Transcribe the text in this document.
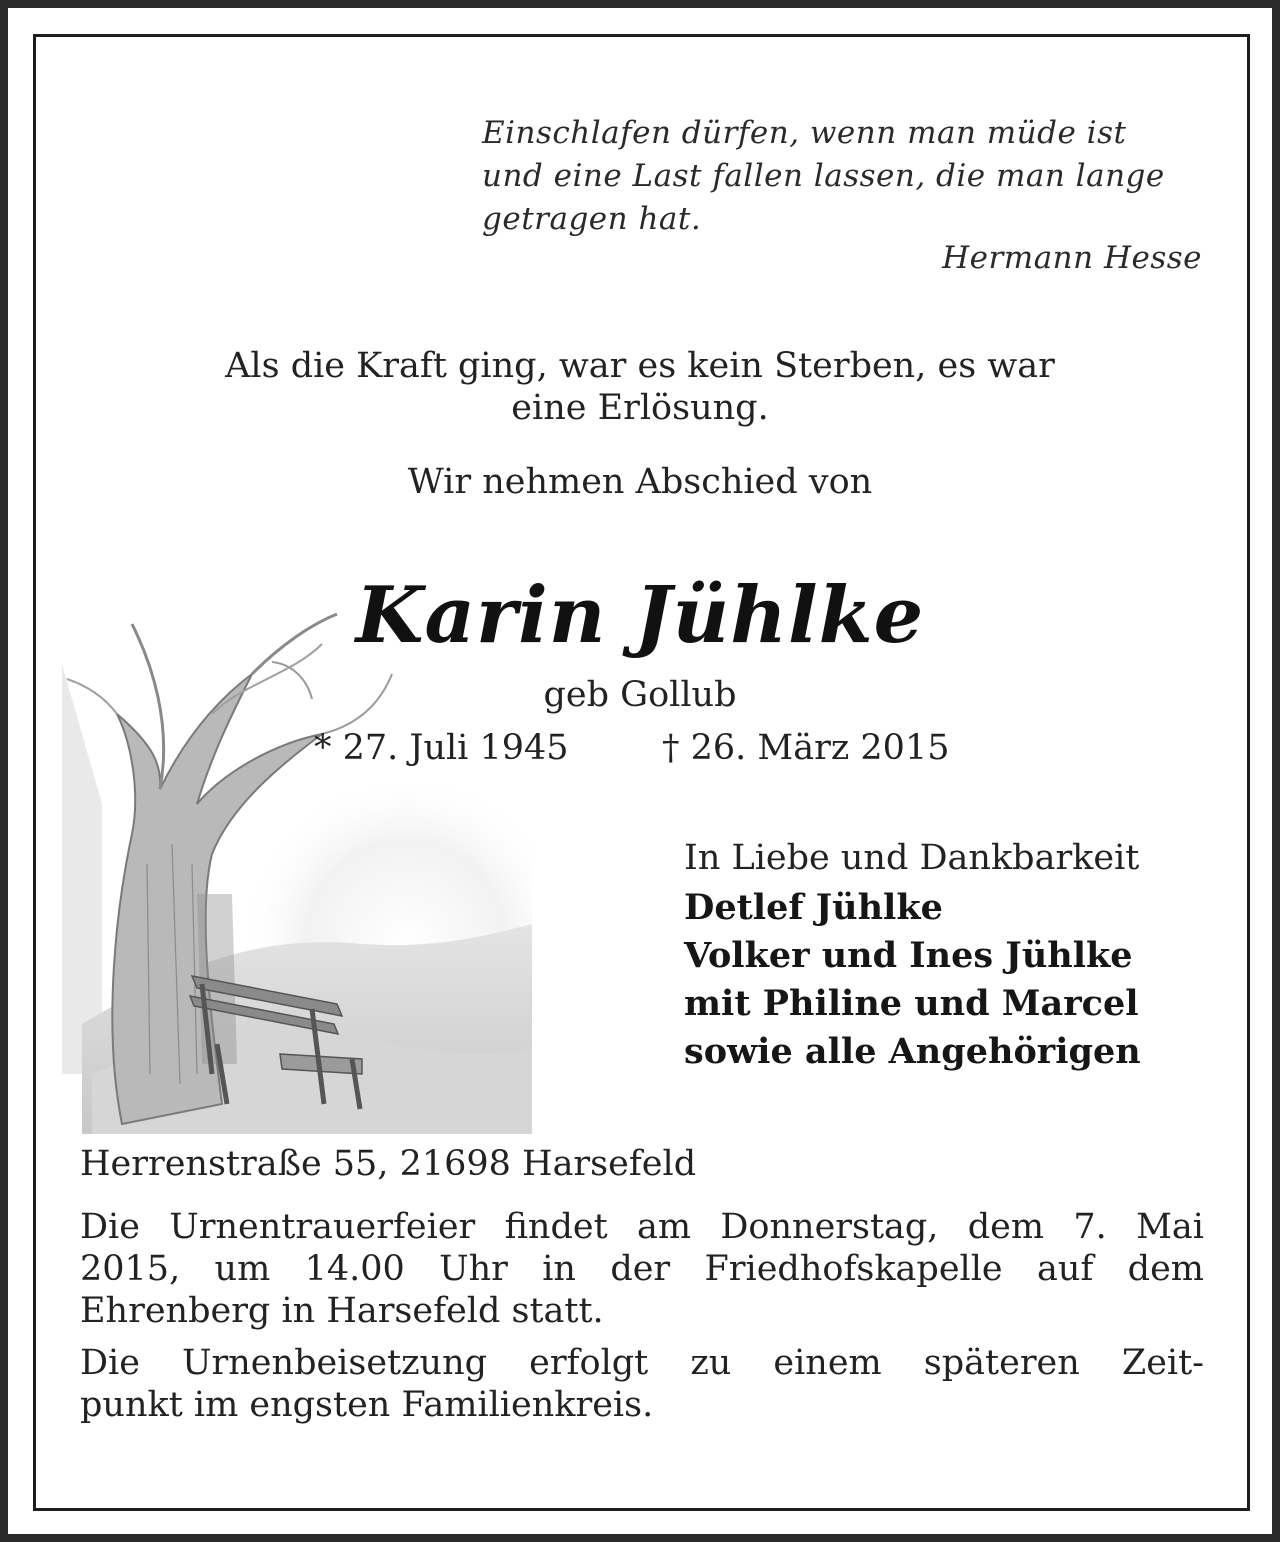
Einschlafen dürfen, wenn man müde ist
und eine Last fallen lassen, die man lange
getragen hat.
Hermann Hesse
Als die Kraft ging, war es kein Sterben, es war
eine Erlösung.
Wir nehmen Abschied von
Karin Jühlke
geb Gollub
* 27. Juli 1945	† 26. März 2015
In Liebe und Dankbarkeit
Detlef Jühlke
Volker und Ines Jühlke
mit Philine und Marcel
sowie alle Angehörigen
Herrenstraße 55, 21698 Harsefeld
Die Urnentrauerfeier findet am Donnerstag, dem 7. Mai
2015, um 14.00 Uhr in der Friedhofskapelle auf dem
Ehrenberg in Harsefeld statt.
Die Urnenbeisetzung erfolgt zu einem späteren Zeit-
punkt im engsten Familienkreis.
